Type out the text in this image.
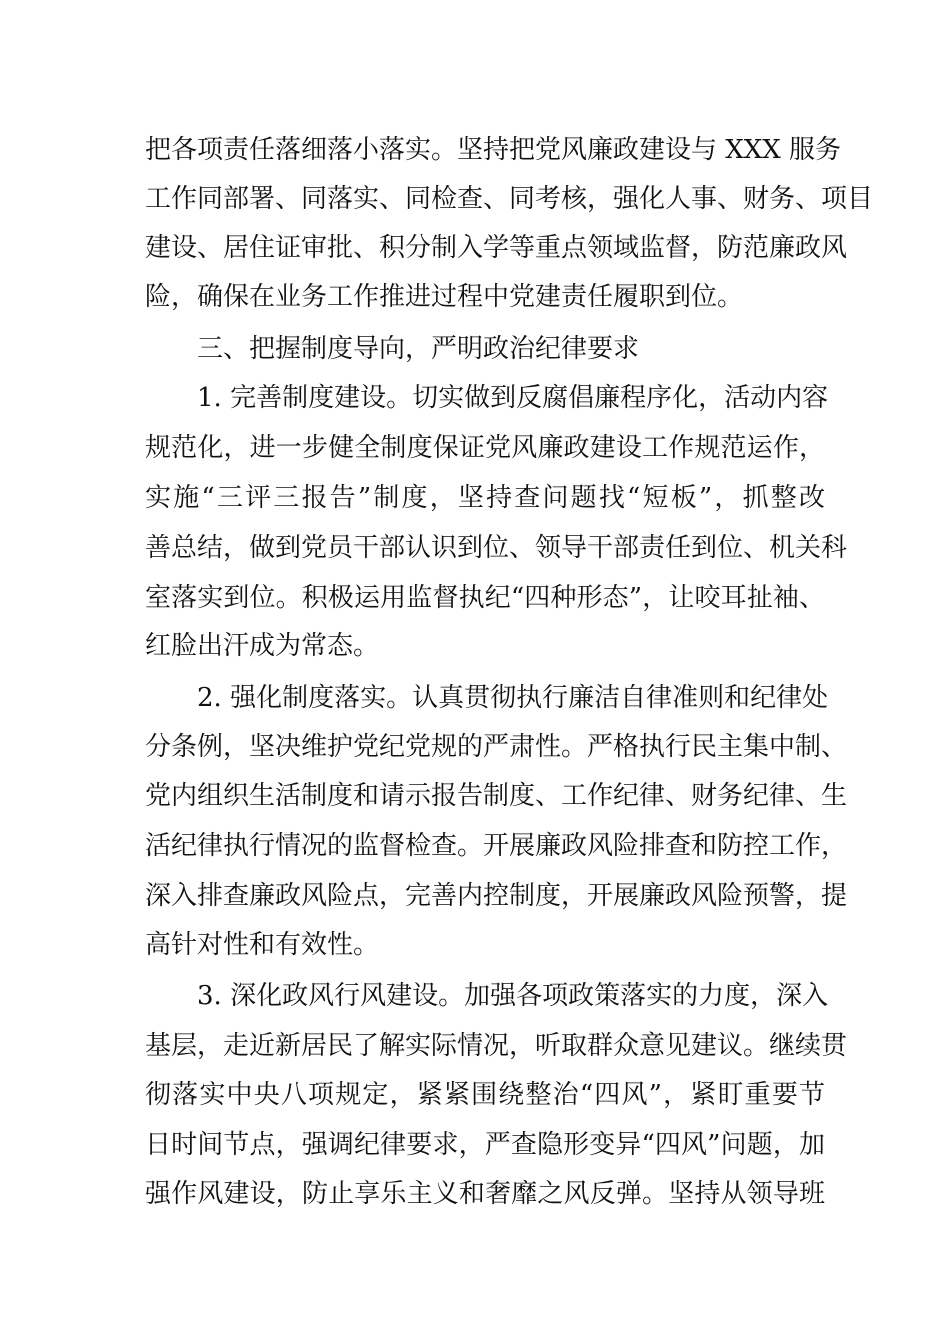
把各项责任落细落小落实。坚持把党风廉政建设与 XXX 服务
工作同部署、同落实、同检查、同考核，强化人事、财务、项目
建设、居住证审批、积分制入学等重点领域监督，防范廉政风
险，确保在业务工作推进过程中党建责任履职到位。
三、把握制度导向，严明政治纪律要求
1. 完善制度建设。切实做到反腐倡廉程序化，活动内容
规范化，进一步健全制度保证党风廉政建设工作规范运作，
实施“三评三报告”制度，坚持查问题找“短板”，抓整改
善总结，做到党员干部认识到位、领导干部责任到位、机关科
室落实到位。积极运用监督执纪“四种形态”，让咬耳扯袖、
红脸出汗成为常态。
2. 强化制度落实。认真贯彻执行廉洁自律准则和纪律处
分条例，坚决维护党纪党规的严肃性。严格执行民主集中制、
党内组织生活制度和请示报告制度、工作纪律、财务纪律、生
活纪律执行情况的监督检查。开展廉政风险排查和防控工作，
深入排查廉政风险点，完善内控制度，开展廉政风险预警，提
高针对性和有效性。
3. 深化政风行风建设。加强各项政策落实的力度，深入
基层，走近新居民了解实际情况，听取群众意见建议。继续贯
彻落实中央八项规定，紧紧围绕整治“四风”，紧盯重要节
日时间节点，强调纪律要求，严查隐形变异“四风”问题，加
强作风建设，防止享乐主义和奢靡之风反弹。坚持从领导班
